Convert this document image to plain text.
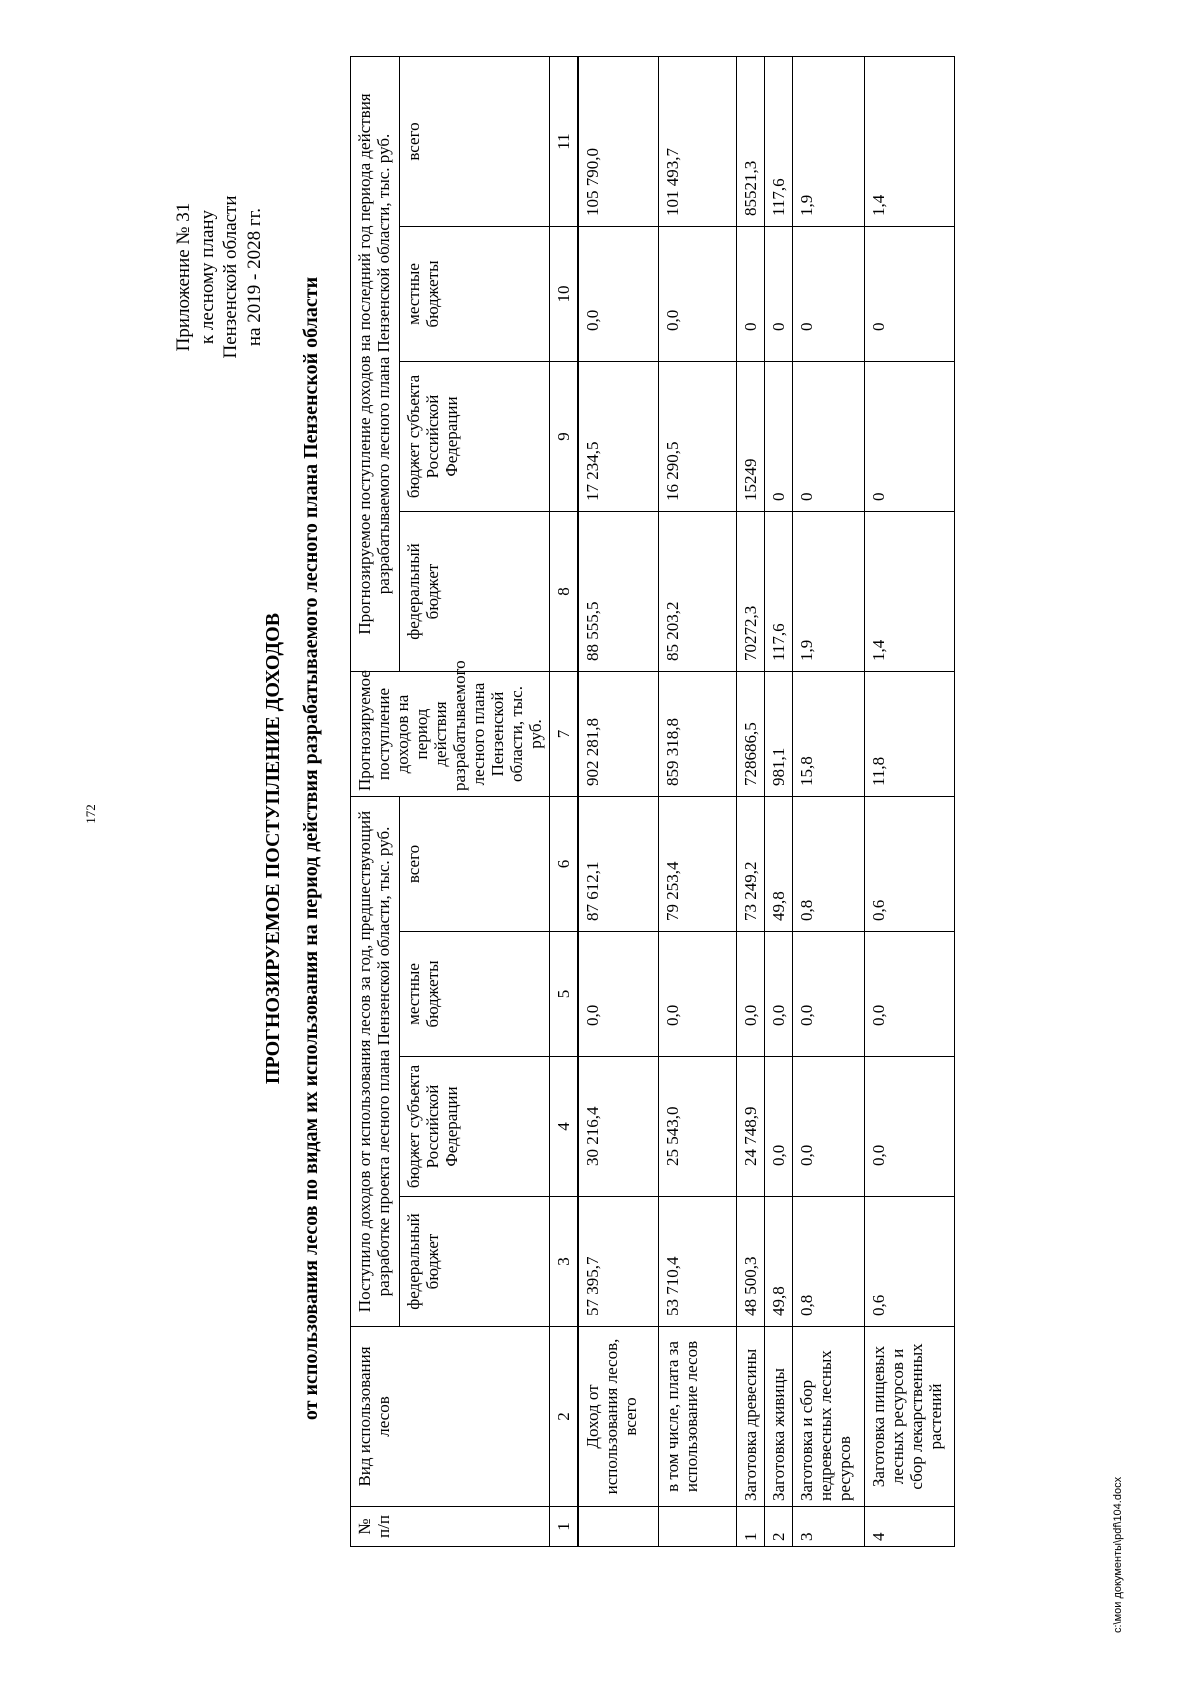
172
Приложение № 31 к лесному плану Пензенской области на 2019 - 2028 гг.
ПРОГНОЗИРУЕМОЕ ПОСТУПЛЕНИЕ ДОХОДОВ от использования лесов по видам их использования на период действия разрабатываемого лесного плана Пензенской области
№ п/п	Вид использования лесов	Поступило доходов от использования лесов за год, предшествующий разработке проекта лесного плана Пензенской области, тыс. руб.				Прогнозируемое поступление доходов на период действия разрабатываемого лесного плана Пензенской области, тыс. руб.	Прогнозируемое поступление доходов на последний год периода действия разрабатываемого лесного плана Пензенской области, тыс. руб.			
		федеральный бюджет	бюджет субъекта Российской Федерации	местные бюджеты	всего		федеральный бюджет	бюджет субъекта Российской Федерации	местные бюджеты	всего
1	2	3	4	5	6	7	8	9	10	11
	Доход от использования лесов, всего	57 395,7	30 216,4	0,0	87 612,1	902 281,8	88 555,5	17 234,5	0,0	105 790,0
	в том числе, плата за использование лесов	53 710,4	25 543,0	0,0	79 253,4	859 318,8	85 203,2	16 290,5	0,0	101 493,7
1	Заготовка древесины	48 500,3	24 748,9	0,0	73 249,2	728686,5	70272,3	15249	0	85521,3
2	Заготовка живицы	49,8	0,0	0,0	49,8	981,1	117,6	0	0	117,6
3	Заготовка и сбор недревесных лесных ресурсов	0,8	0,0	0,0	0,8	15,8	1,9	0	0	1,9
4	Заготовка пищевых лесных ресурсов и сбор лекарственных растений	0,6	0,0	0,0	0,6	11,8	1,4	0	0	1,4
c:\мои документы\pdf\104.docx
